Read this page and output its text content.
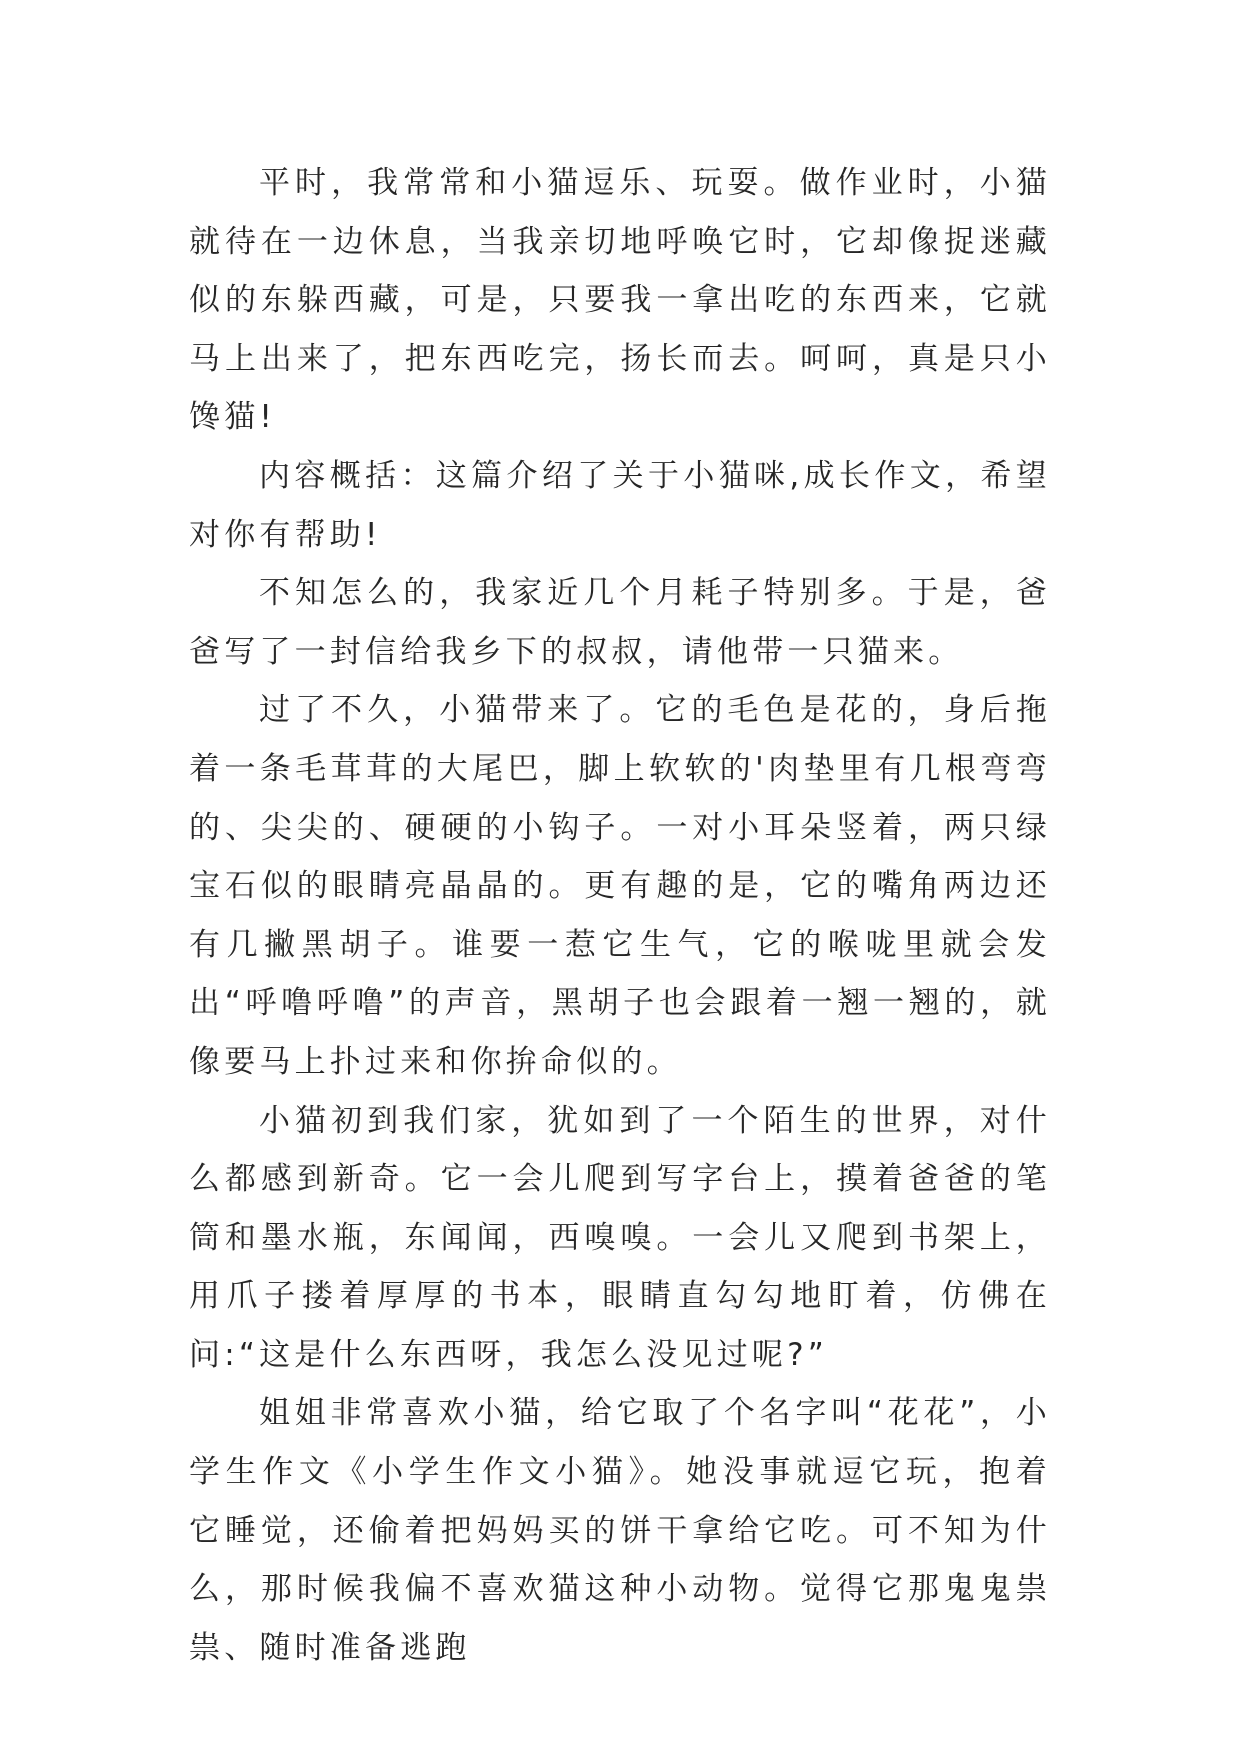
平时，我常常和小猫逗乐、玩耍。做作业时，小猫就待在一边休息，当我亲切地呼唤它时，它却像捉迷藏似的东躲西藏，可是，只要我一拿出吃的东西来，它就马上出来了，把东西吃完，扬长而去。呵呵，真是只小馋猫!

内容概括：这篇介绍了关于小猫咪,成长作文，希望对你有帮助!

不知怎么的，我家近几个月耗子特别多。于是，爸爸写了一封信给我乡下的叔叔，请他带一只猫来。

过了不久，小猫带来了。它的毛色是花的，身后拖着一条毛茸茸的大尾巴，脚上软软的'肉垫里有几根弯弯的、尖尖的、硬硬的小钩子。一对小耳朵竖着，两只绿宝石似的眼睛亮晶晶的。更有趣的是，它的嘴角两边还有几撇黑胡子。谁要一惹它生气，它的喉咙里就会发出“呼噜呼噜”的声音，黑胡子也会跟着一翘一翘的，就像要马上扑过来和你拚命似的。

小猫初到我们家，犹如到了一个陌生的世界，对什么都感到新奇。它一会儿爬到写字台上，摸着爸爸的笔筒和墨水瓶，东闻闻，西嗅嗅。一会儿又爬到书架上，用爪子搂着厚厚的书本，眼睛直勾勾地盯着，仿佛在问:“这是什么东西呀，我怎么没见过呢?”

姐姐非常喜欢小猫，给它取了个名字叫“花花”，小学生作文《小学生作文小猫》。她没事就逗它玩，抱着它睡觉，还偷着把妈妈买的饼干拿给它吃。可不知为什么，那时候我偏不喜欢猫这种小动物。觉得它那鬼鬼祟祟、随时准备逃跑
